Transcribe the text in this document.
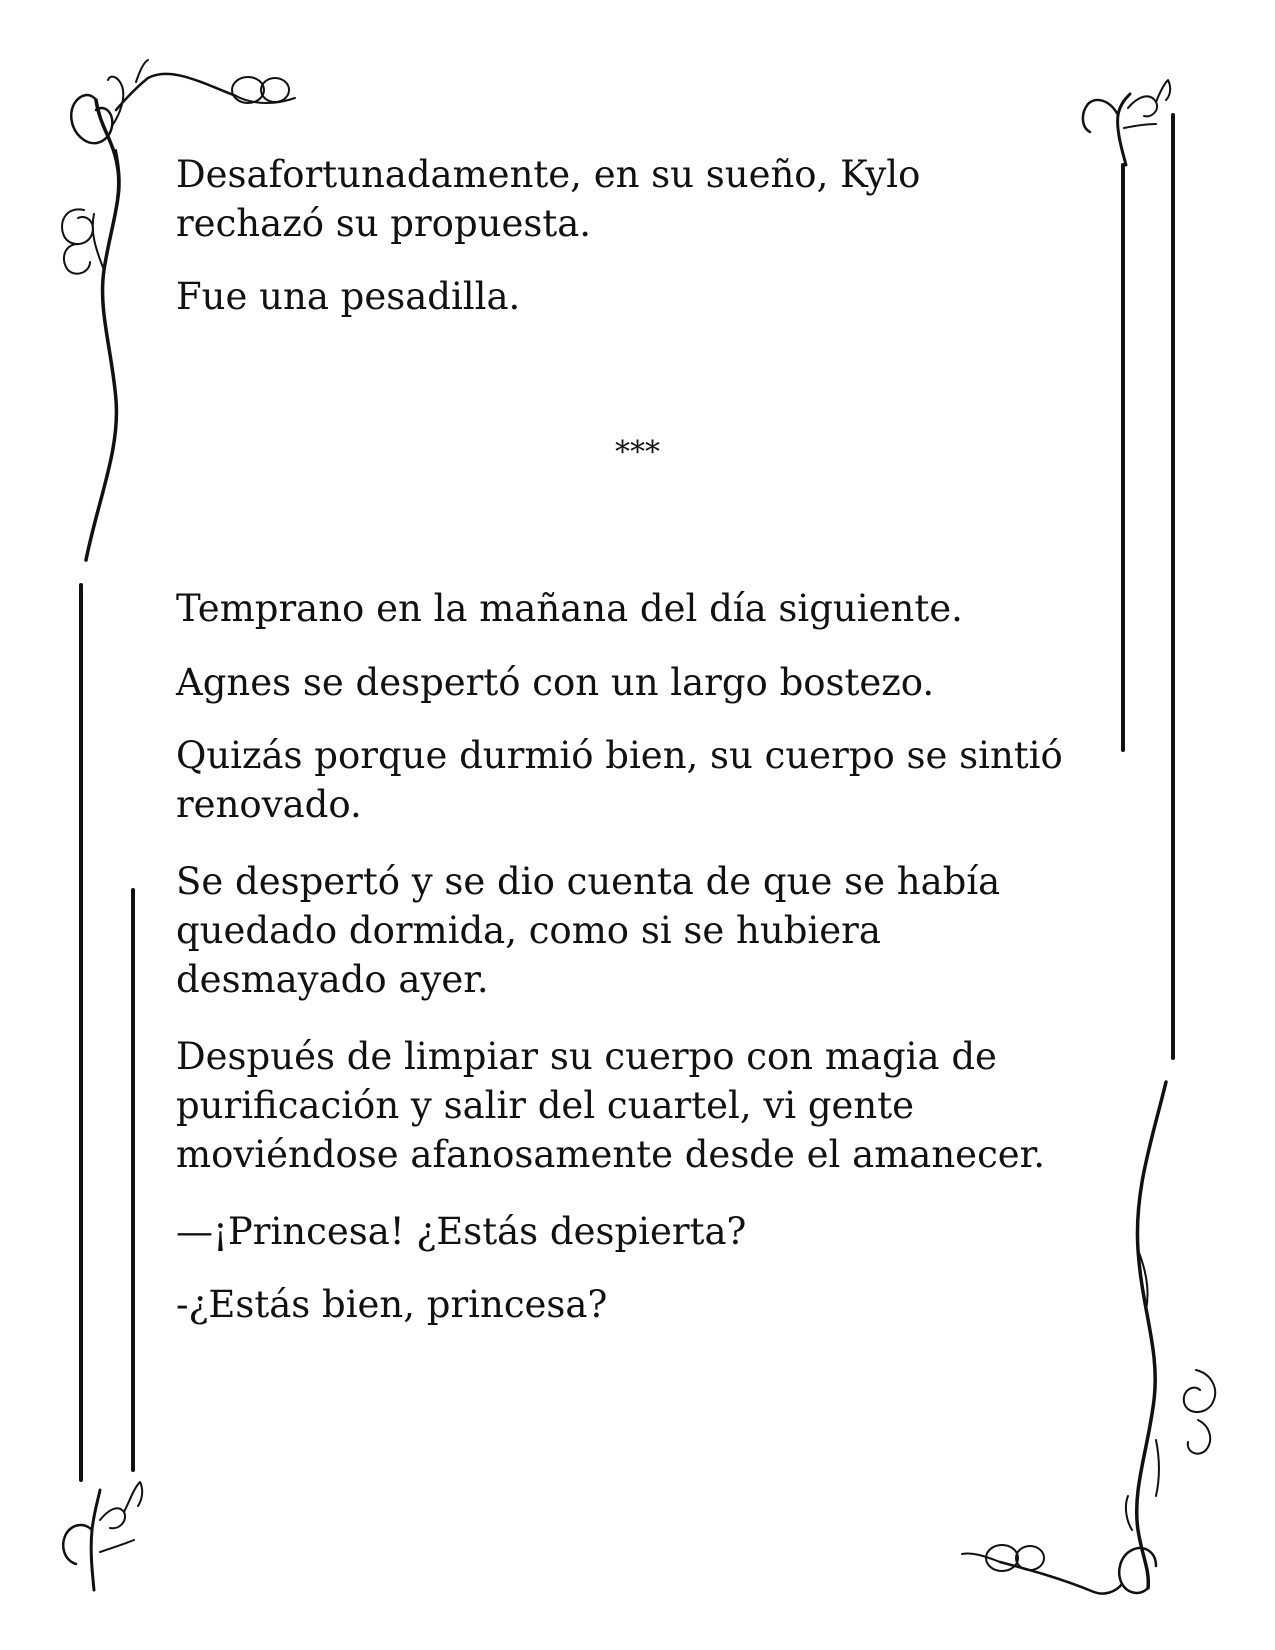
Desafortunadamente, en su sueño, Kylo

rechazó su propuesta.

Fue una pesadilla.

***

Temprano en la mañana del día siguiente.

Agnes se despertó con un largo bostezo.

Quizás porque durmió bien, su cuerpo se sintió

renovado.

Se despertó y se dio cuenta de que se había

quedado dormida, como si se hubiera

desmayado ayer.

Después de limpiar su cuerpo con magia de

purificación y salir del cuartel, vi gente

moviéndose afanosamente desde el amanecer.

—¡Princesa! ¿Estás despierta?

-¿Estás bien, princesa?
